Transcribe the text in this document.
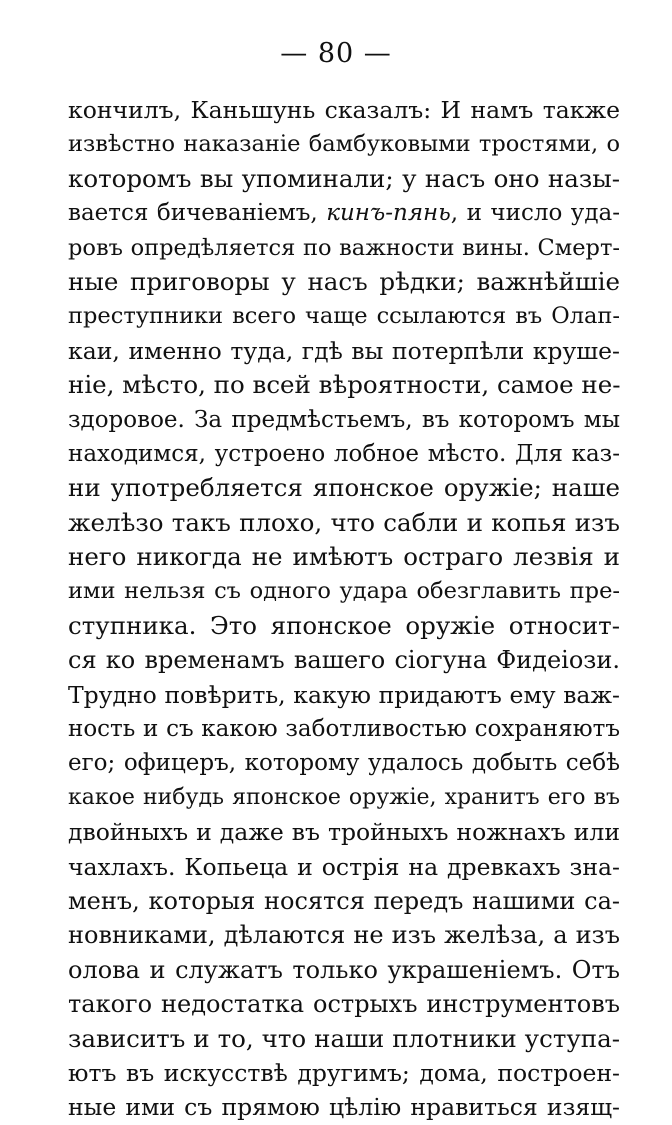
— 80 —
кончилъ, Каньшунь сказалъ: И намъ также
извѣстно наказаніе бамбуковыми тростями, о
которомъ вы упоминали; у насъ оно назы-
вается бичеваніемъ, кинъ-пянь, и число уда-
ровъ опредѣляется по важности вины. Смерт-
ные приговоры у насъ рѣдки; важнѣйшіе
преступники всего чаще ссылаются въ Олап-
каи, именно туда, гдѣ вы потерпѣли круше-
ніе, мѣсто, по всей вѣроятности, самое не-
здоровое. За предмѣстьемъ, въ которомъ мы
находимся, устроено лобное мѣсто. Для каз-
ни употребляется японское оружіе; наше
желѣзо такъ плохо, что сабли и копья изъ
него никогда не имѣютъ остраго лезвія и
ими нельзя съ одного удара обезглавить пре-
ступника. Это японское оружіе относит-
ся ко временамъ вашего сіогуна Фидеіози.
Трудно повѣрить, какую придаютъ ему важ-
ность и съ какою заботливостью сохраняютъ
его; офицеръ, которому удалось добыть себѣ
какое нибудь японское оружіе, хранитъ его въ
двойныхъ и даже въ тройныхъ ножнахъ или
чахлахъ. Копьеца и острія на древкахъ зна-
менъ, которыя носятся передъ нашими са-
новниками, дѣлаются не изъ желѣза, а изъ
олова и служатъ только украшеніемъ. Отъ
такого недостатка острыхъ инструментовъ
зависитъ и то, что наши плотники уступа-
ютъ въ искусствѣ другимъ; дома, построен-
ные ими съ прямою цѣлію нравиться изящ-
